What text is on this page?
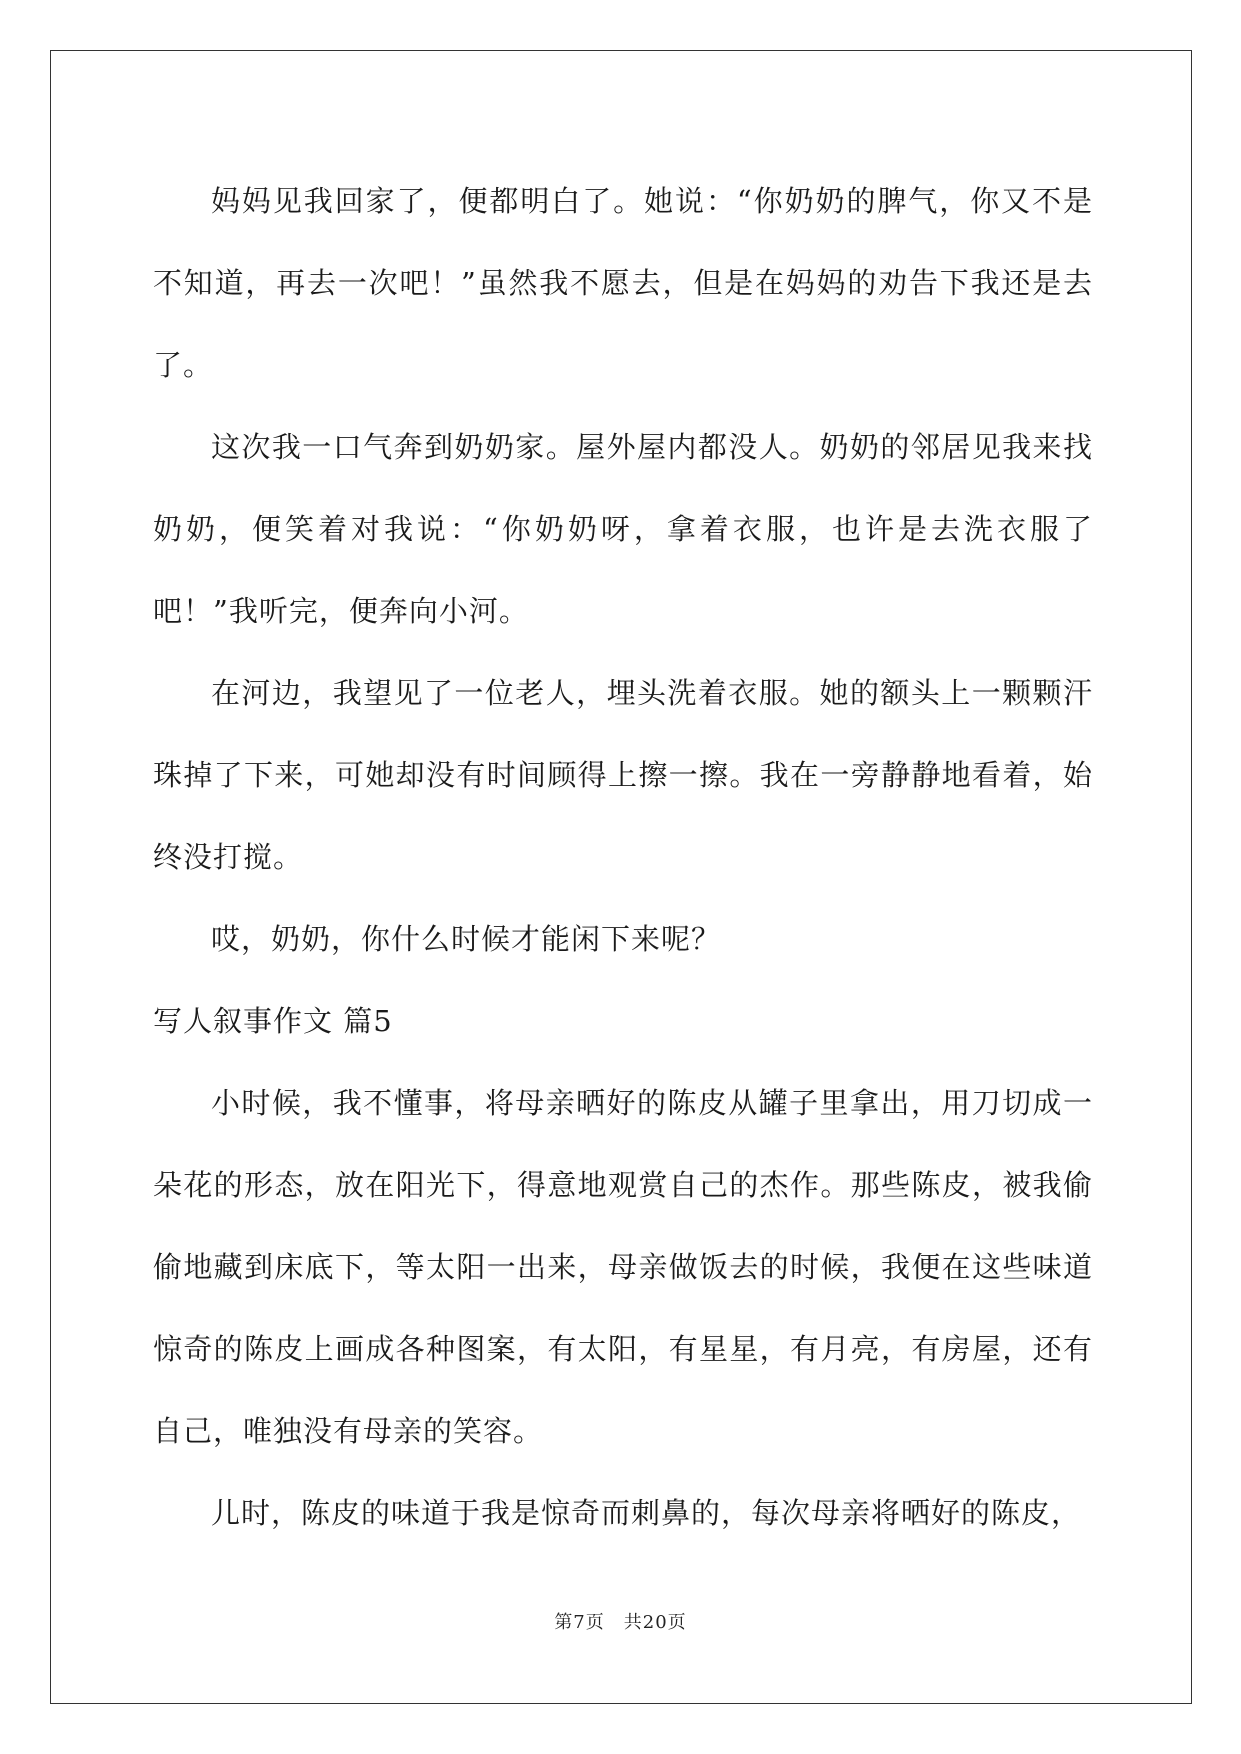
妈妈见我回家了，便都明白了。她说：“你奶奶的脾气，你又不是不知道，再去一次吧！”虽然我不愿去，但是在妈妈的劝告下我还是去了。

这次我一口气奔到奶奶家。屋外屋内都没人。奶奶的邻居见我来找奶奶，便笑着对我说：“你奶奶呀，拿着衣服，也许是去洗衣服了吧！”我听完，便奔向小河。

在河边，我望见了一位老人，埋头洗着衣服。她的额头上一颗颗汗珠掉了下来，可她却没有时间顾得上擦一擦。我在一旁静静地看着，始终没打搅。

哎，奶奶，你什么时候才能闲下来呢？

写人叙事作文 篇5

小时候，我不懂事，将母亲晒好的陈皮从罐子里拿出，用刀切成一朵花的形态，放在阳光下，得意地观赏自己的杰作。那些陈皮，被我偷偷地藏到床底下，等太阳一出来，母亲做饭去的时候，我便在这些味道惊奇的陈皮上画成各种图案，有太阳，有星星，有月亮，有房屋，还有自己，唯独没有母亲的笑容。

儿时，陈皮的味道于我是惊奇而刺鼻的，每次母亲将晒好的陈皮，

第7页　共20页
